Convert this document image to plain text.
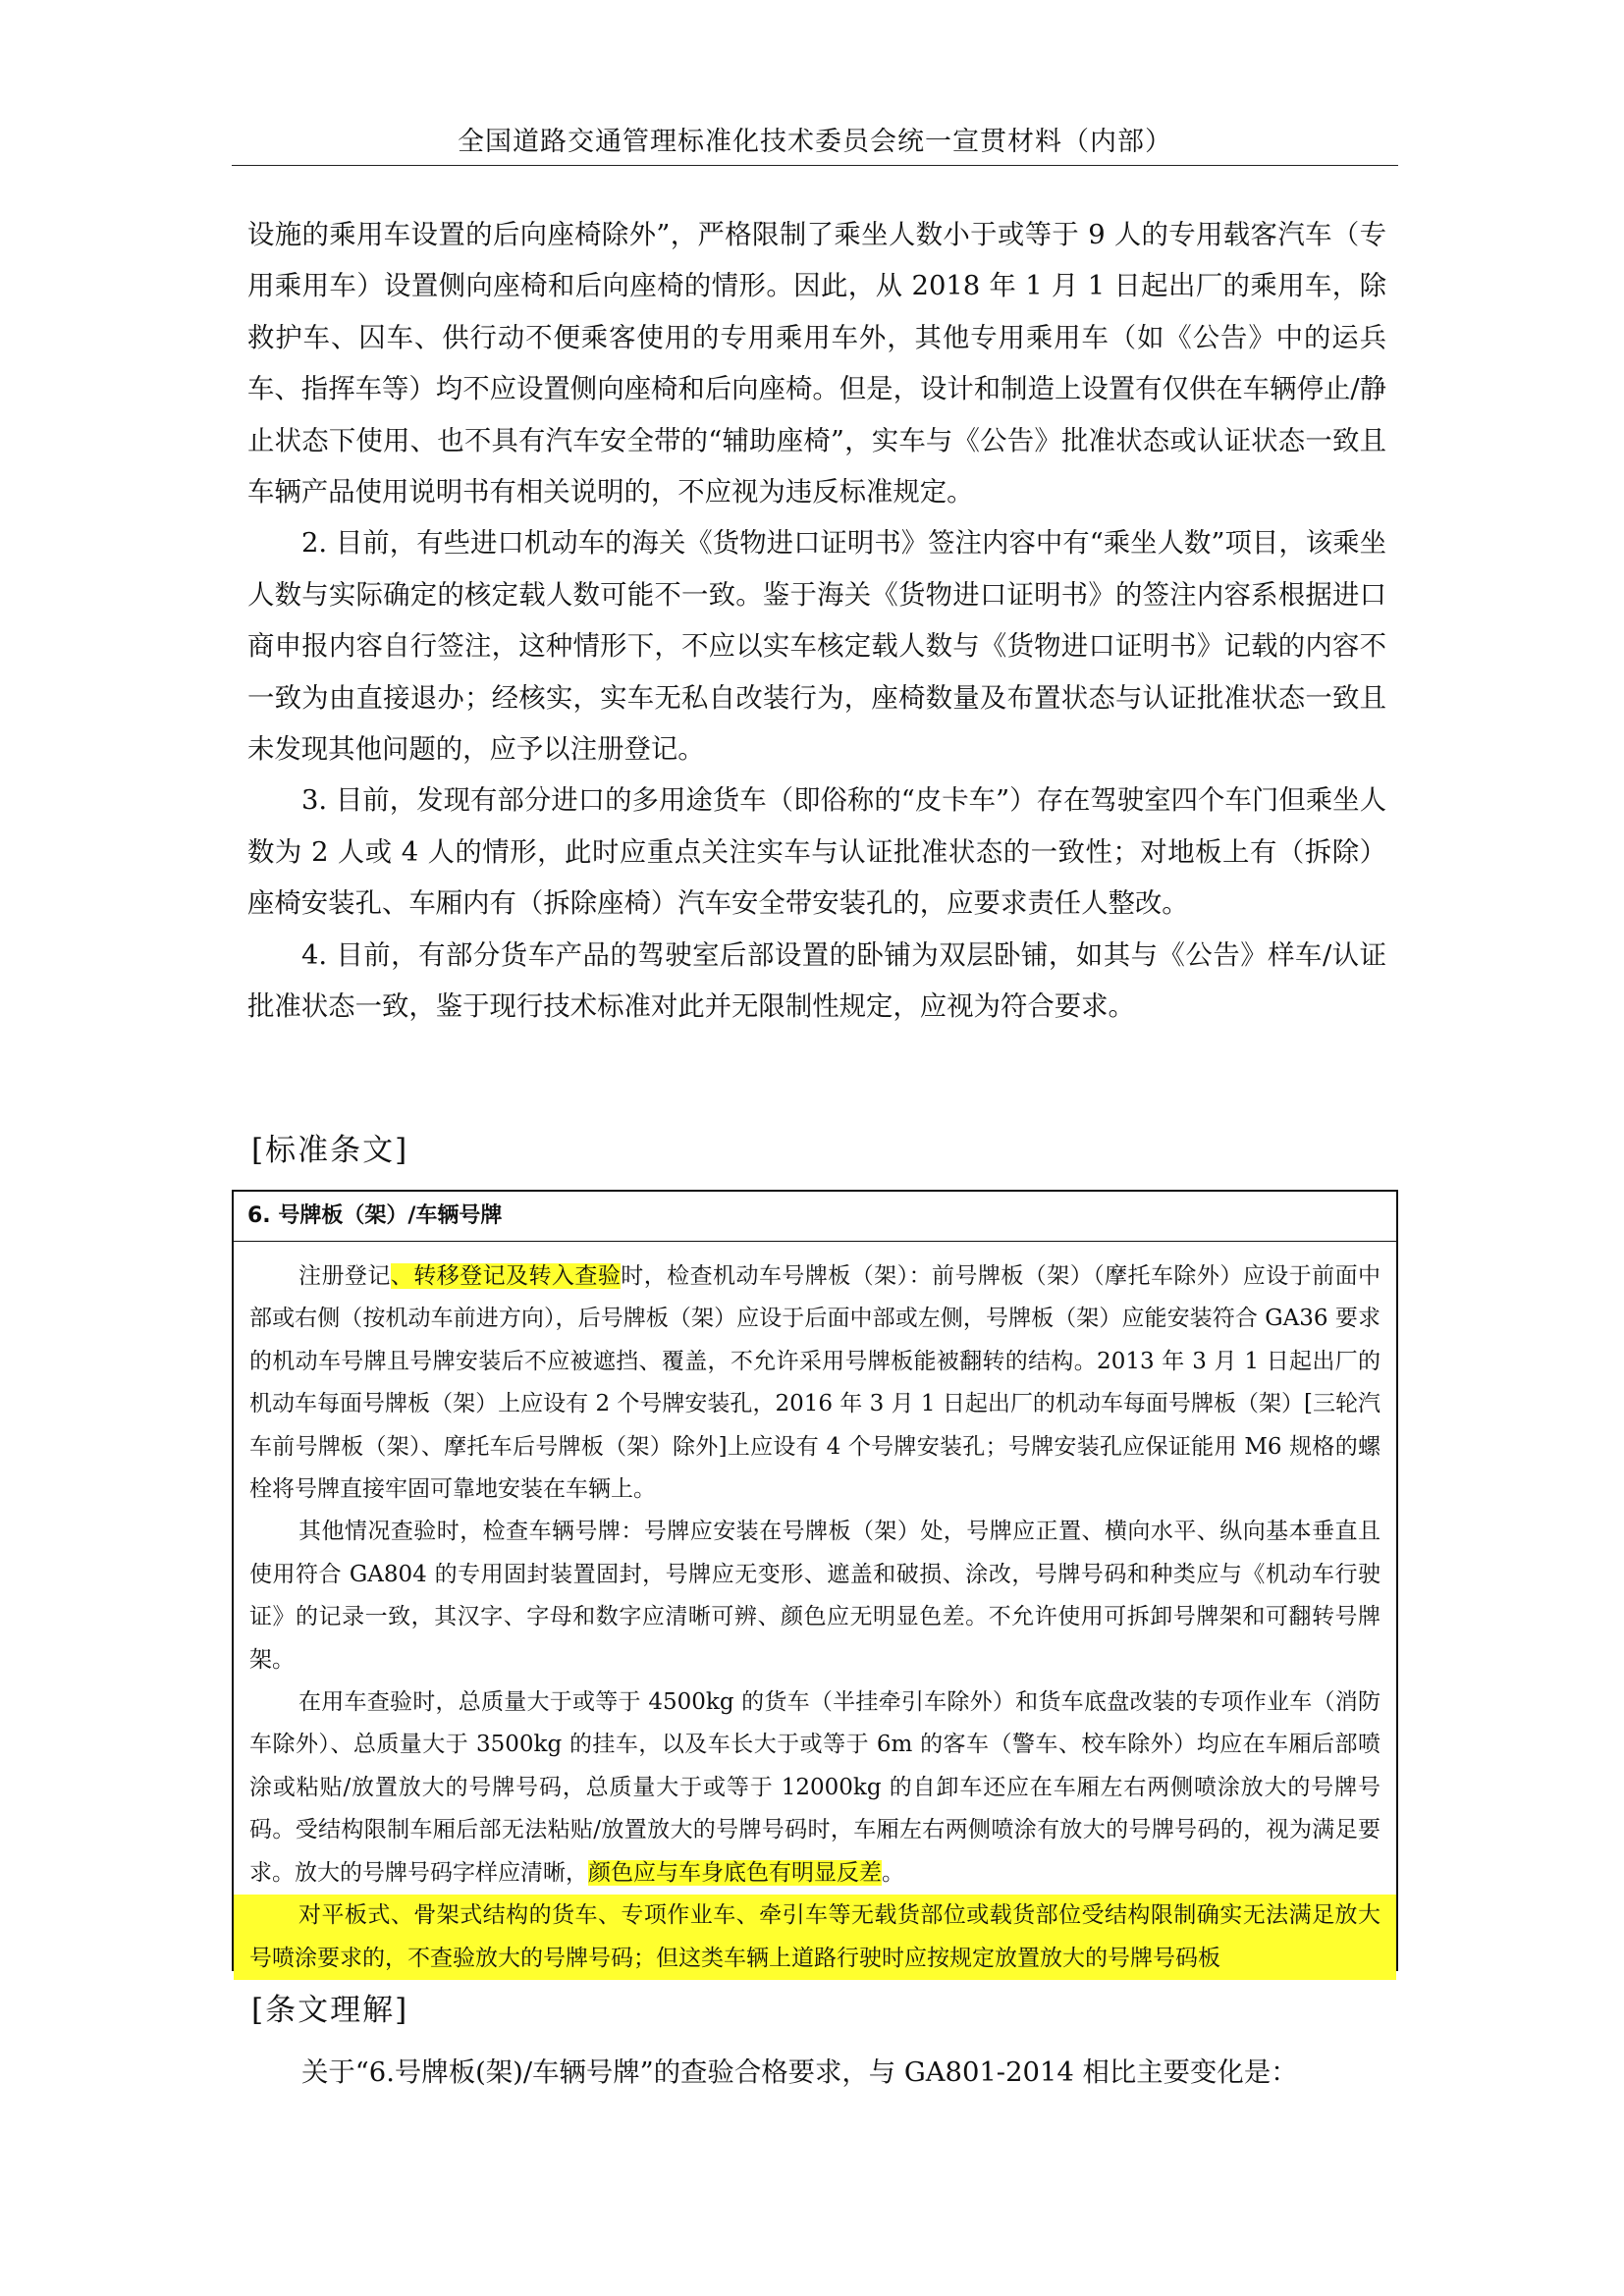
全国道路交通管理标准化技术委员会统一宣贯材料（内部）

设施的乘用车设置的后向座椅除外”，严格限制了乘坐人数小于或等于 9 人的专用载客汽车（专用乘用车）设置侧向座椅和后向座椅的情形。因此，从 2018 年 1 月 1 日起出厂的乘用车，除救护车、囚车、供行动不便乘客使用的专用乘用车外，其他专用乘用车（如《公告》中的运兵车、指挥车等）均不应设置侧向座椅和后向座椅。但是，设计和制造上设置有仅供在车辆停止/静止状态下使用、也不具有汽车安全带的“辅助座椅”，实车与《公告》批准状态或认证状态一致且车辆产品使用说明书有相关说明的，不应视为违反标准规定。

2. 目前，有些进口机动车的海关《货物进口证明书》签注内容中有“乘坐人数”项目，该乘坐人数与实际确定的核定载人数可能不一致。鉴于海关《货物进口证明书》的签注内容系根据进口商申报内容自行签注，这种情形下，不应以实车核定载人数与《货物进口证明书》记载的内容不一致为由直接退办；经核实，实车无私自改装行为，座椅数量及布置状态与认证批准状态一致且未发现其他问题的，应予以注册登记。

3. 目前，发现有部分进口的多用途货车（即俗称的“皮卡车”）存在驾驶室四个车门但乘坐人数为 2 人或 4 人的情形，此时应重点关注实车与认证批准状态的一致性；对地板上有（拆除）座椅安装孔、车厢内有（拆除座椅）汽车安全带安装孔的，应要求责任人整改。

4. 目前，有部分货车产品的驾驶室后部设置的卧铺为双层卧铺，如其与《公告》样车/认证批准状态一致，鉴于现行技术标准对此并无限制性规定，应视为符合要求。

[标准条文]
6. 号牌板（架）/车辆号牌

注册登记、转移登记及转入查验时，检查机动车号牌板（架）：前号牌板（架）（摩托车除外）应设于前面中部或右侧（按机动车前进方向），后号牌板（架）应设于后面中部或左侧，号牌板（架）应能安装符合 GA36 要求的机动车号牌且号牌安装后不应被遮挡、覆盖，不允许采用号牌板能被翻转的结构。2013 年 3 月 1 日起出厂的机动车每面号牌板（架）上应设有 2 个号牌安装孔，2016 年 3 月 1 日起出厂的机动车每面号牌板（架）[三轮汽车前号牌板（架）、摩托车后号牌板（架）除外]上应设有 4 个号牌安装孔；号牌安装孔应保证能用 M6 规格的螺栓将号牌直接牢固可靠地安装在车辆上。

其他情况查验时，检查车辆号牌：号牌应安装在号牌板（架）处，号牌应正置、横向水平、纵向基本垂直且使用符合 GA804 的专用固封装置固封，号牌应无变形、遮盖和破损、涂改，号牌号码和种类应与《机动车行驶证》的记录一致，其汉字、字母和数字应清晰可辨、颜色应无明显色差。不允许使用可拆卸号牌架和可翻转号牌架。

在用车查验时，总质量大于或等于 4500kg 的货车（半挂牵引车除外）和货车底盘改装的专项作业车（消防车除外）、总质量大于 3500kg 的挂车，以及车长大于或等于 6m 的客车（警车、校车除外）均应在车厢后部喷涂或粘贴/放置放大的号牌号码，总质量大于或等于 12000kg 的自卸车还应在车厢左右两侧喷涂放大的号牌号码。受结构限制车厢后部无法粘贴/放置放大的号牌号码时，车厢左右两侧喷涂有放大的号牌号码的，视为满足要求。放大的号牌号码字样应清晰，颜色应与车身底色有明显反差。

对平板式、骨架式结构的货车、专项作业车、牵引车等无载货部位或载货部位受结构限制确实无法满足放大号喷涂要求的，不查验放大的号牌号码；但这类车辆上道路行驶时应按规定放置放大的号牌号码板

[条文理解]
关于“6.号牌板(架)/车辆号牌”的查验合格要求，与 GA801-2014 相比主要变化是：
